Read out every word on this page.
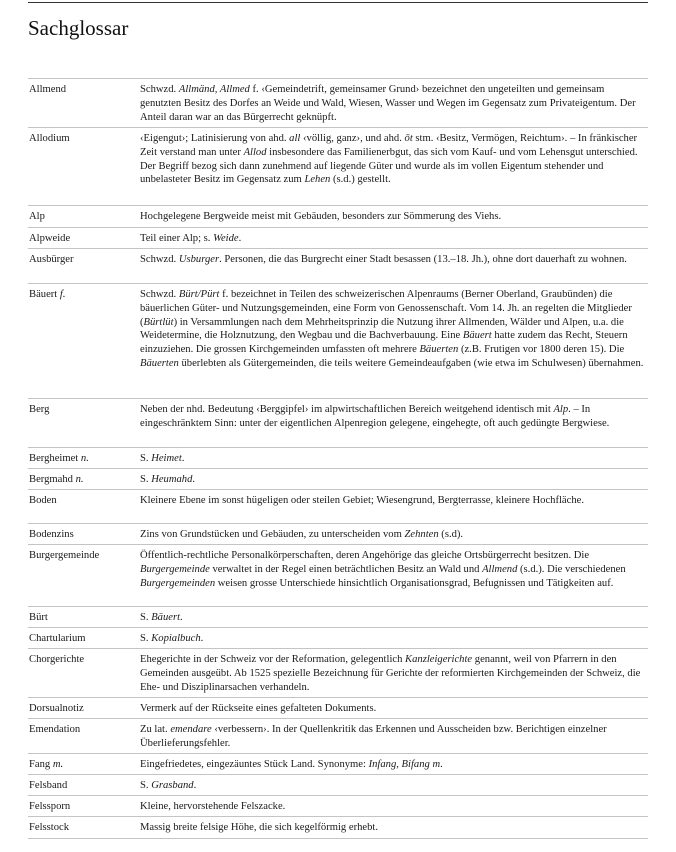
Sachglossar
Allmend	Schwzd. Allmänd, Allmed f. ‹Gemeindetrift, gemeinsamer Grund› bezeichnet den ungeteilten und gemeinsam genutzten Besitz des Dorfes an Weide und Wald, Wiesen, Wasser und Wegen im Gegensatz zum Privateigentum. Der Anteil daran war an das Bürgerrecht geknüpft.
Allodium	‹Eigengut›; Latinisierung von ahd. all ‹völlig, ganz›, und ahd. ōt stm. ‹Besitz, Vermögen, Reichtum›. – In fränkischer Zeit verstand man unter Allod insbesondere das Familienerbgut, das sich vom Kauf- und vom Lehensgut unterschied. Der Begriff bezog sich dann zunehmend auf liegende Güter und wurde als im vollen Eigentum stehender und unbelasteter Besitz im Gegensatz zum Lehen (s.d.) gestellt.
Alp	Hochgelegene Bergweide meist mit Gebäuden, besonders zur Sömmerung des Viehs.
Alpweide	Teil einer Alp; s. Weide.
Ausbürger	Schwzd. Usburger. Personen, die das Burgrecht einer Stadt besassen (13.–18. Jh.), ohne dort dauerhaft zu wohnen.
Bäuert f.	Schwzd. Bürt/Pürt f. bezeichnet in Teilen des schweizerischen Alpenraums (Berner Oberland, Graubünden) die bäuerlichen Güter- und Nutzungsgemeinden, eine Form von Genossenschaft. Vom 14. Jh. an regelten die Mitglieder (Bürtlüt) in Versammlungen nach dem Mehrheitsprinzip die Nutzung ihrer Allmenden, Wälder und Alpen, u.a. die Weidetermine, die Holznutzung, den Wegbau und die Bachverbauung. Eine Bäuert hatte zudem das Recht, Steuern einzuziehen. Die grossen Kirchgemeinden umfassten oft mehrere Bäuerten (z.B. Frutigen vor 1800 deren 15). Die Bäuerten überlebten als Gütergemeinden, die teils weitere Gemeindeaufgaben (wie etwa im Schulwesen) übernahmen.
Berg	Neben der nhd. Bedeutung ‹Berggipfel› im alpwirtschaftlichen Bereich weitgehend identisch mit Alp. – In eingeschränktem Sinn: unter der eigentlichen Alpenregion gelegene, eingehegte, oft auch gedüngte Bergwiese.
Bergheimet n.	S. Heimet.
Bergmahd n.	S. Heumahd.
Boden	Kleinere Ebene im sonst hügeligen oder steilen Gebiet; Wiesengrund, Bergterrasse, kleinere Hochfläche.
Bodenzins	Zins von Grundstücken und Gebäuden, zu unterscheiden vom Zehnten (s.d).
Burgergemeinde	Öffentlich-rechtliche Personalkörperschaften, deren Angehörige das gleiche Ortsbürgerrecht besitzen. Die Burgergemeinde verwaltet in der Regel einen beträchtlichen Besitz an Wald und Allmend (s.d.). Die verschiedenen Burgergemeinden weisen grosse Unterschiede hinsichtlich Organisationsgrad, Befugnissen und Tätigkeiten auf.
Bürt	S. Bäuert.
Chartularium	S. Kopialbuch.
Chorgerichte	Ehegerichte in der Schweiz vor der Reformation, gelegentlich Kanzleigerichte genannt, weil von Pfarrern in den Gemeinden ausgeübt. Ab 1525 spezielle Bezeichnung für Gerichte der reformierten Kirchgemeinden der Schweiz, die Ehe- und Disziplinarsachen verhandeln.
Dorsualnotiz	Vermerk auf der Rückseite eines gefalteten Dokuments.
Emendation	Zu lat. emendare ‹verbessern›. In der Quellenkritik das Erkennen und Ausscheiden bzw. Berichtigen einzelner Überlieferungsfehler.
Fang m.	Eingefriedetes, eingezäuntes Stück Land. Synonyme: Infang, Bifang m.
Felsband	S. Grasband.
Felssporn	Kleine, hervorstehende Felszacke.
Felsstock	Massig breite felsige Höhe, die sich kegelförmig erhebt.
